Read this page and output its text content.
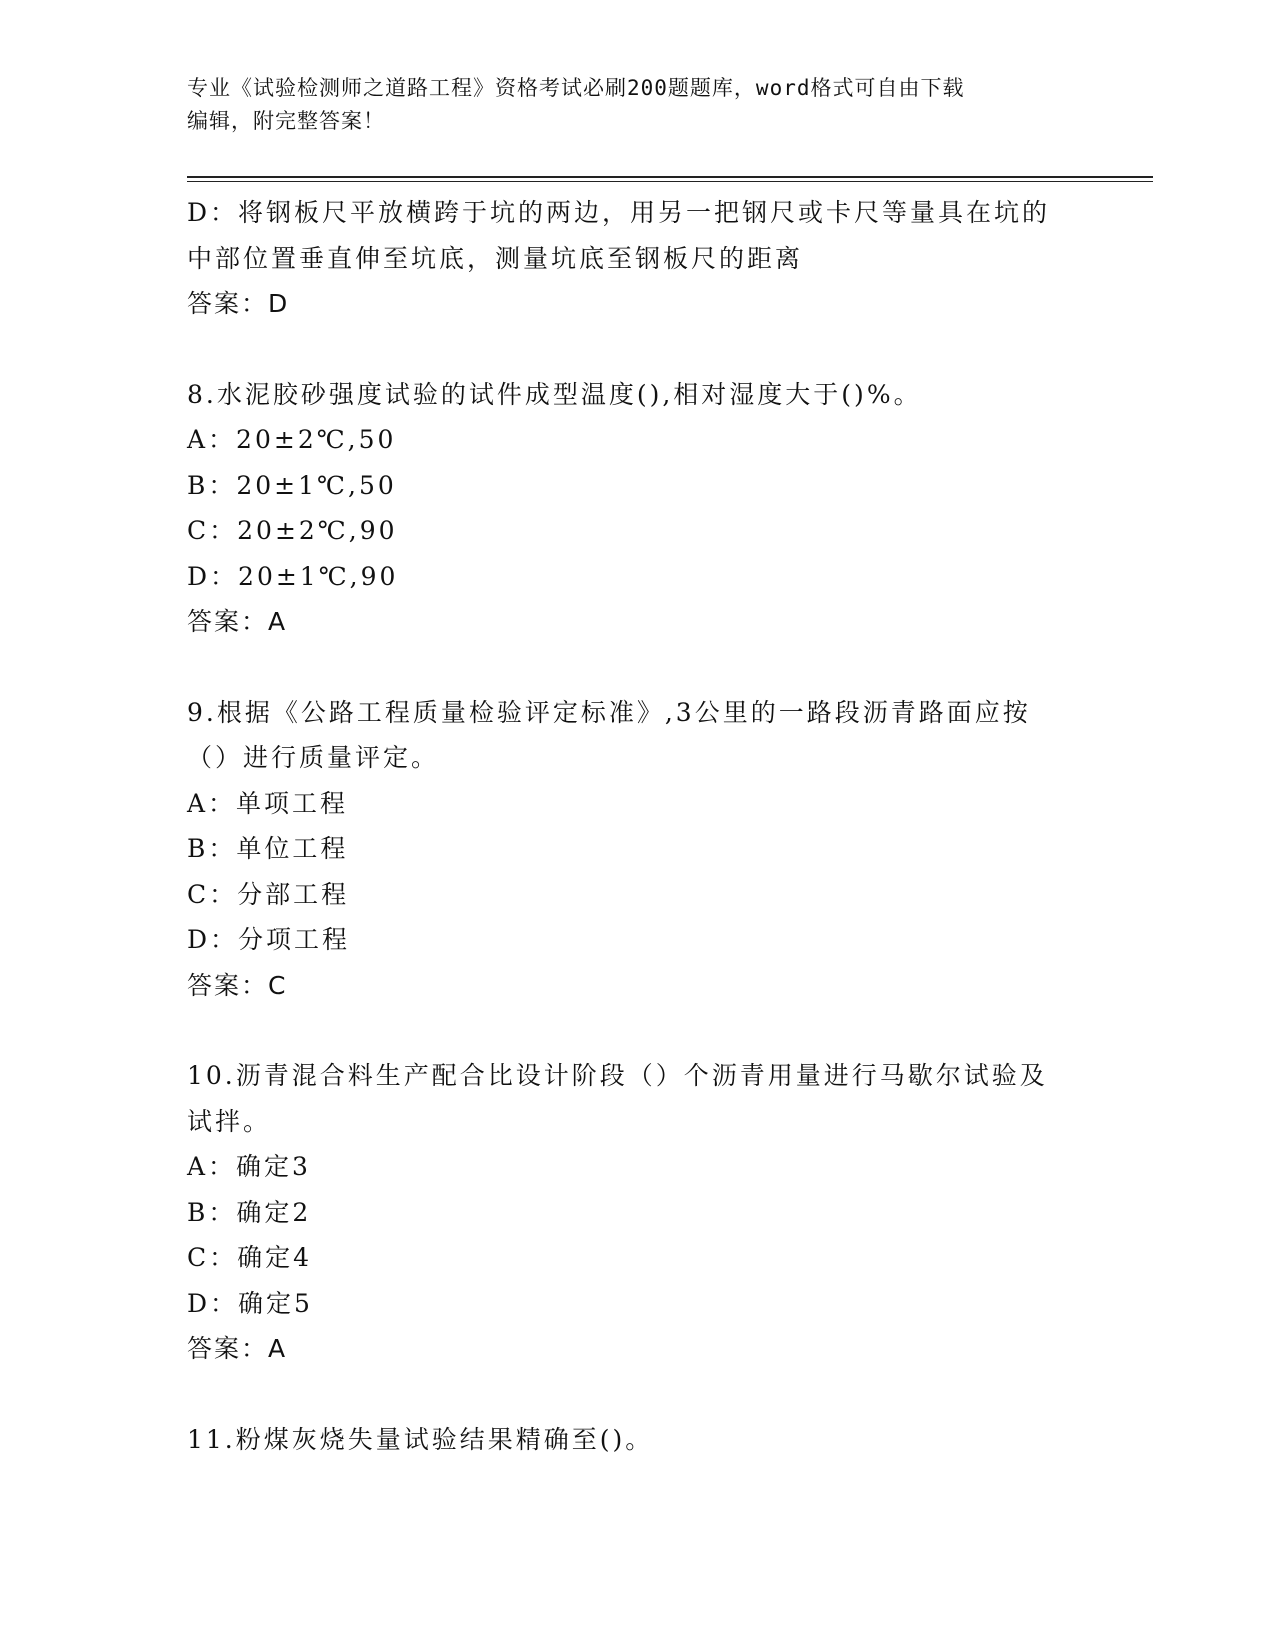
专业《试验检测师之道路工程》资格考试必刷200题题库，word格式可自由下载
编辑，附完整答案！
D：将钢板尺平放横跨于坑的两边，用另一把钢尺或卡尺等量具在坑的
中部位置垂直伸至坑底，测量坑底至钢板尺的距离
答案：D
8.水泥胶砂强度试验的试件成型温度(),相对湿度大于()%。
A：20±2℃,50
B：20±1℃,50
C：20±2℃,90
D：20±1℃,90
答案：A
9.根据《公路工程质量检验评定标准》,3公里的一路段沥青路面应按
（）进行质量评定。
A：单项工程
B：单位工程
C：分部工程
D：分项工程
答案：C
10.沥青混合料生产配合比设计阶段（）个沥青用量进行马歇尔试验及
试拌。
A：确定3
B：确定2
C：确定4
D：确定5
答案：A
11.粉煤灰烧失量试验结果精确至()。
